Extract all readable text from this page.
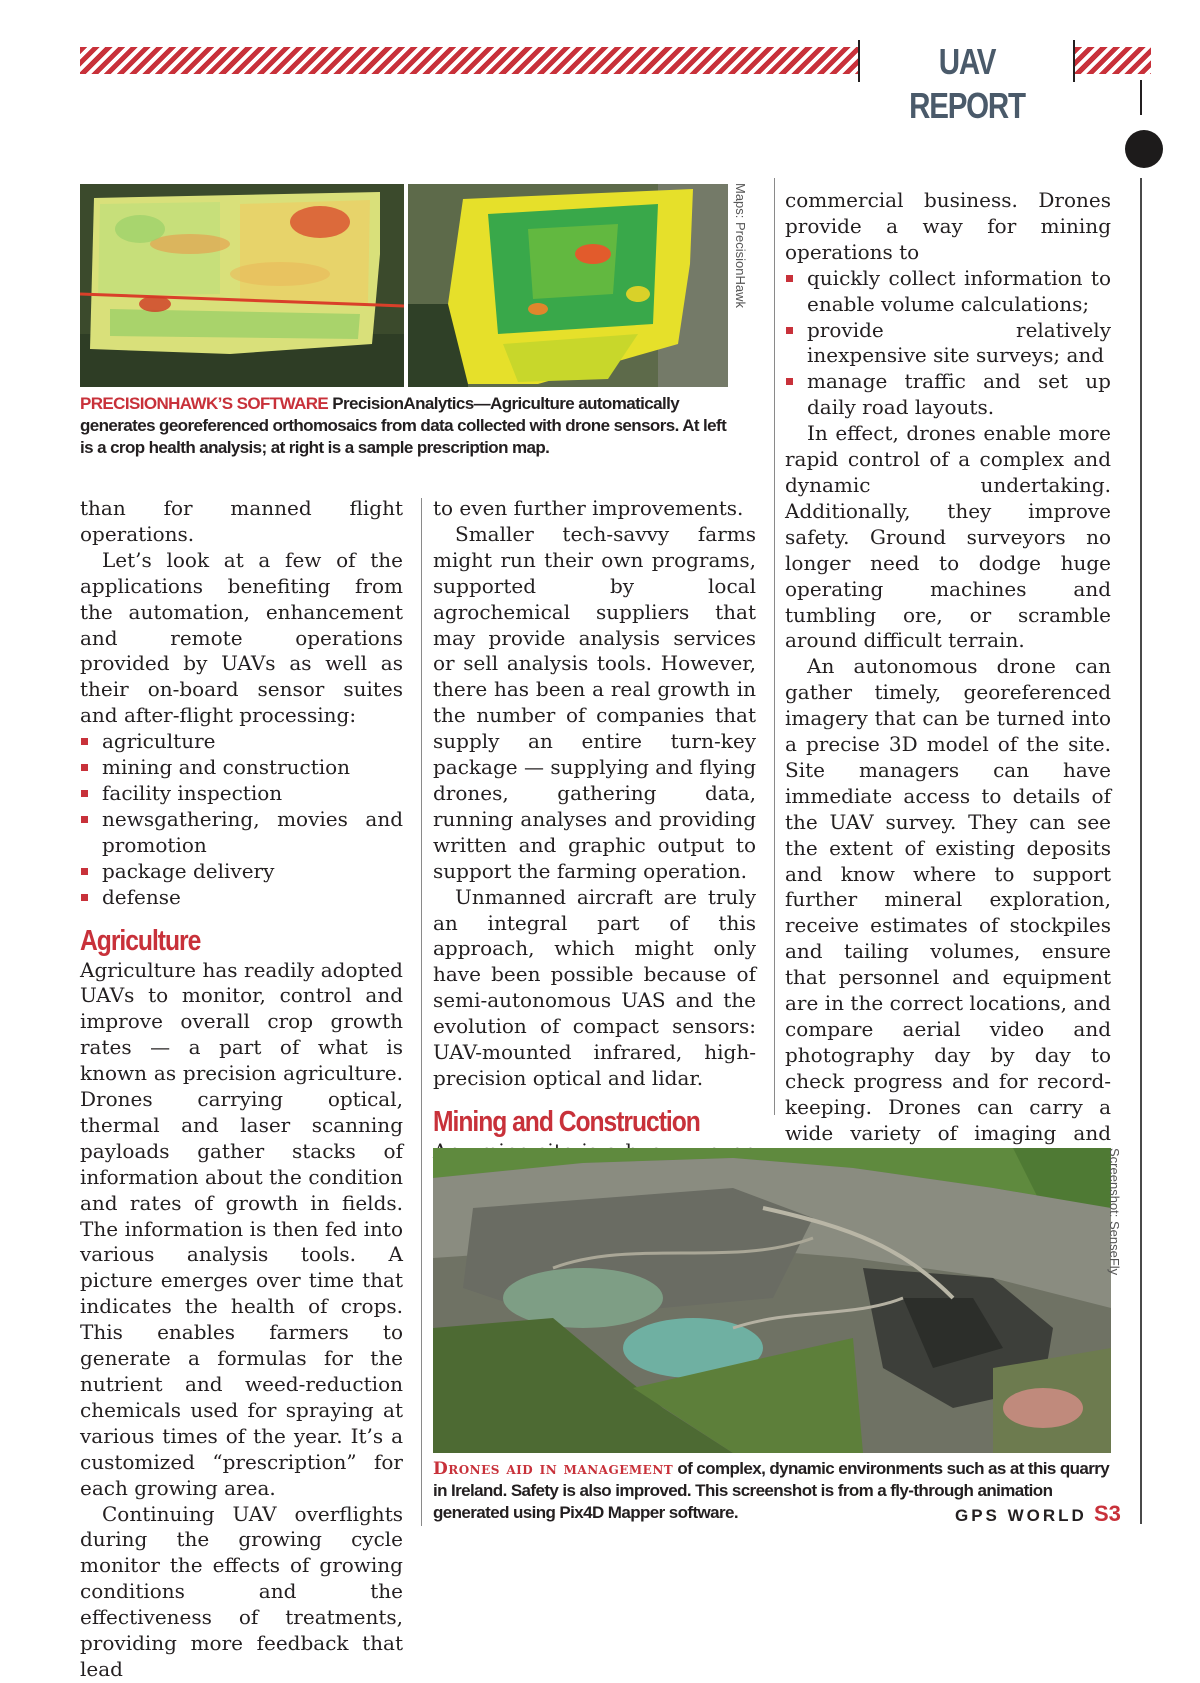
UAV REPORT
Maps: PrecisionHawk
PRECISIONHAWK’S SOFTWARE PrecisionAnalytics—Agriculture automatically generates georeferenced orthomosaics from data collected with drone sensors. At left is a crop health analysis; at right is a sample prescription map.

than for manned flight operations.

Let’s look at a few of the applications benefiting from the automation, enhancement and remote operations provided by UAVs as well as their on-board sensor suites and after-flight processing:

agriculture
mining and construction
facility inspection
newsgathering, movies and promotion
package delivery
defense
Agriculture

Agriculture has readily adopted UAVs to monitor, control and improve overall crop growth rates — a part of what is known as precision agriculture. Drones carrying optical, thermal and laser scanning payloads gather stacks of information about the condition and rates of growth in fields. The information is then fed into various analysis tools. A picture emerges over time that indicates the health of crops. This enables farmers to generate a formulas for the nutrient and weed-reduction chemicals used for spraying at various times of the year. It’s a customized “prescription” for each growing area.

Continuing UAV overflights during the growing cycle monitor the effects of growing conditions and the effectiveness of treatments, providing more feedback that lead

to even further improvements.

Smaller tech-savvy farms might run their own programs, supported by local agrochemical suppliers that may provide analysis services or sell analysis tools. However, there has been a real growth in the number of companies that supply an entire turn-key package — supplying and flying drones, gathering data, running analyses and providing written and graphic output to support the farming operation.

Unmanned aircraft are truly an integral part of this approach, which might only have been possible because of semi-autonomous UAS and the evolution of compact sensors: UAV-mounted infrared, high-precision optical and lidar.

Mining and Construction

commercial business. Drones provide a way for mining operations to

quickly collect information to enable volume calculations;
provide relatively inexpensive site surveys; and
manage traffic and set up daily road layouts.

In effect, drones enable more rapid control of a complex and dynamic undertaking. Additionally, they improve safety. Ground surveyors no longer need to dodge huge operating machines and tumbling ore, or scramble around difficult terrain.

An autonomous drone can gather timely, georeferenced imagery that can be turned into a precise 3D model of the site. Site managers can have immediate access to details of the UAV survey. They can see the extent of existing deposits and know where to support further mineral exploration, receive estimates of stockpiles and tailing volumes, ensure that personnel and equipment are in the correct locations, and compare aerial video and photography day by day to check progress and for record-keeping. Drones can carry a wide variety of imaging and

Screenshot: SenseFly
Drones aid in management of complex, dynamic environments such as at this quarry in Ireland. Safety is also improved. This screenshot is from a fly-through animation generated using Pix4D Mapper software.	GPS WORLD S3
